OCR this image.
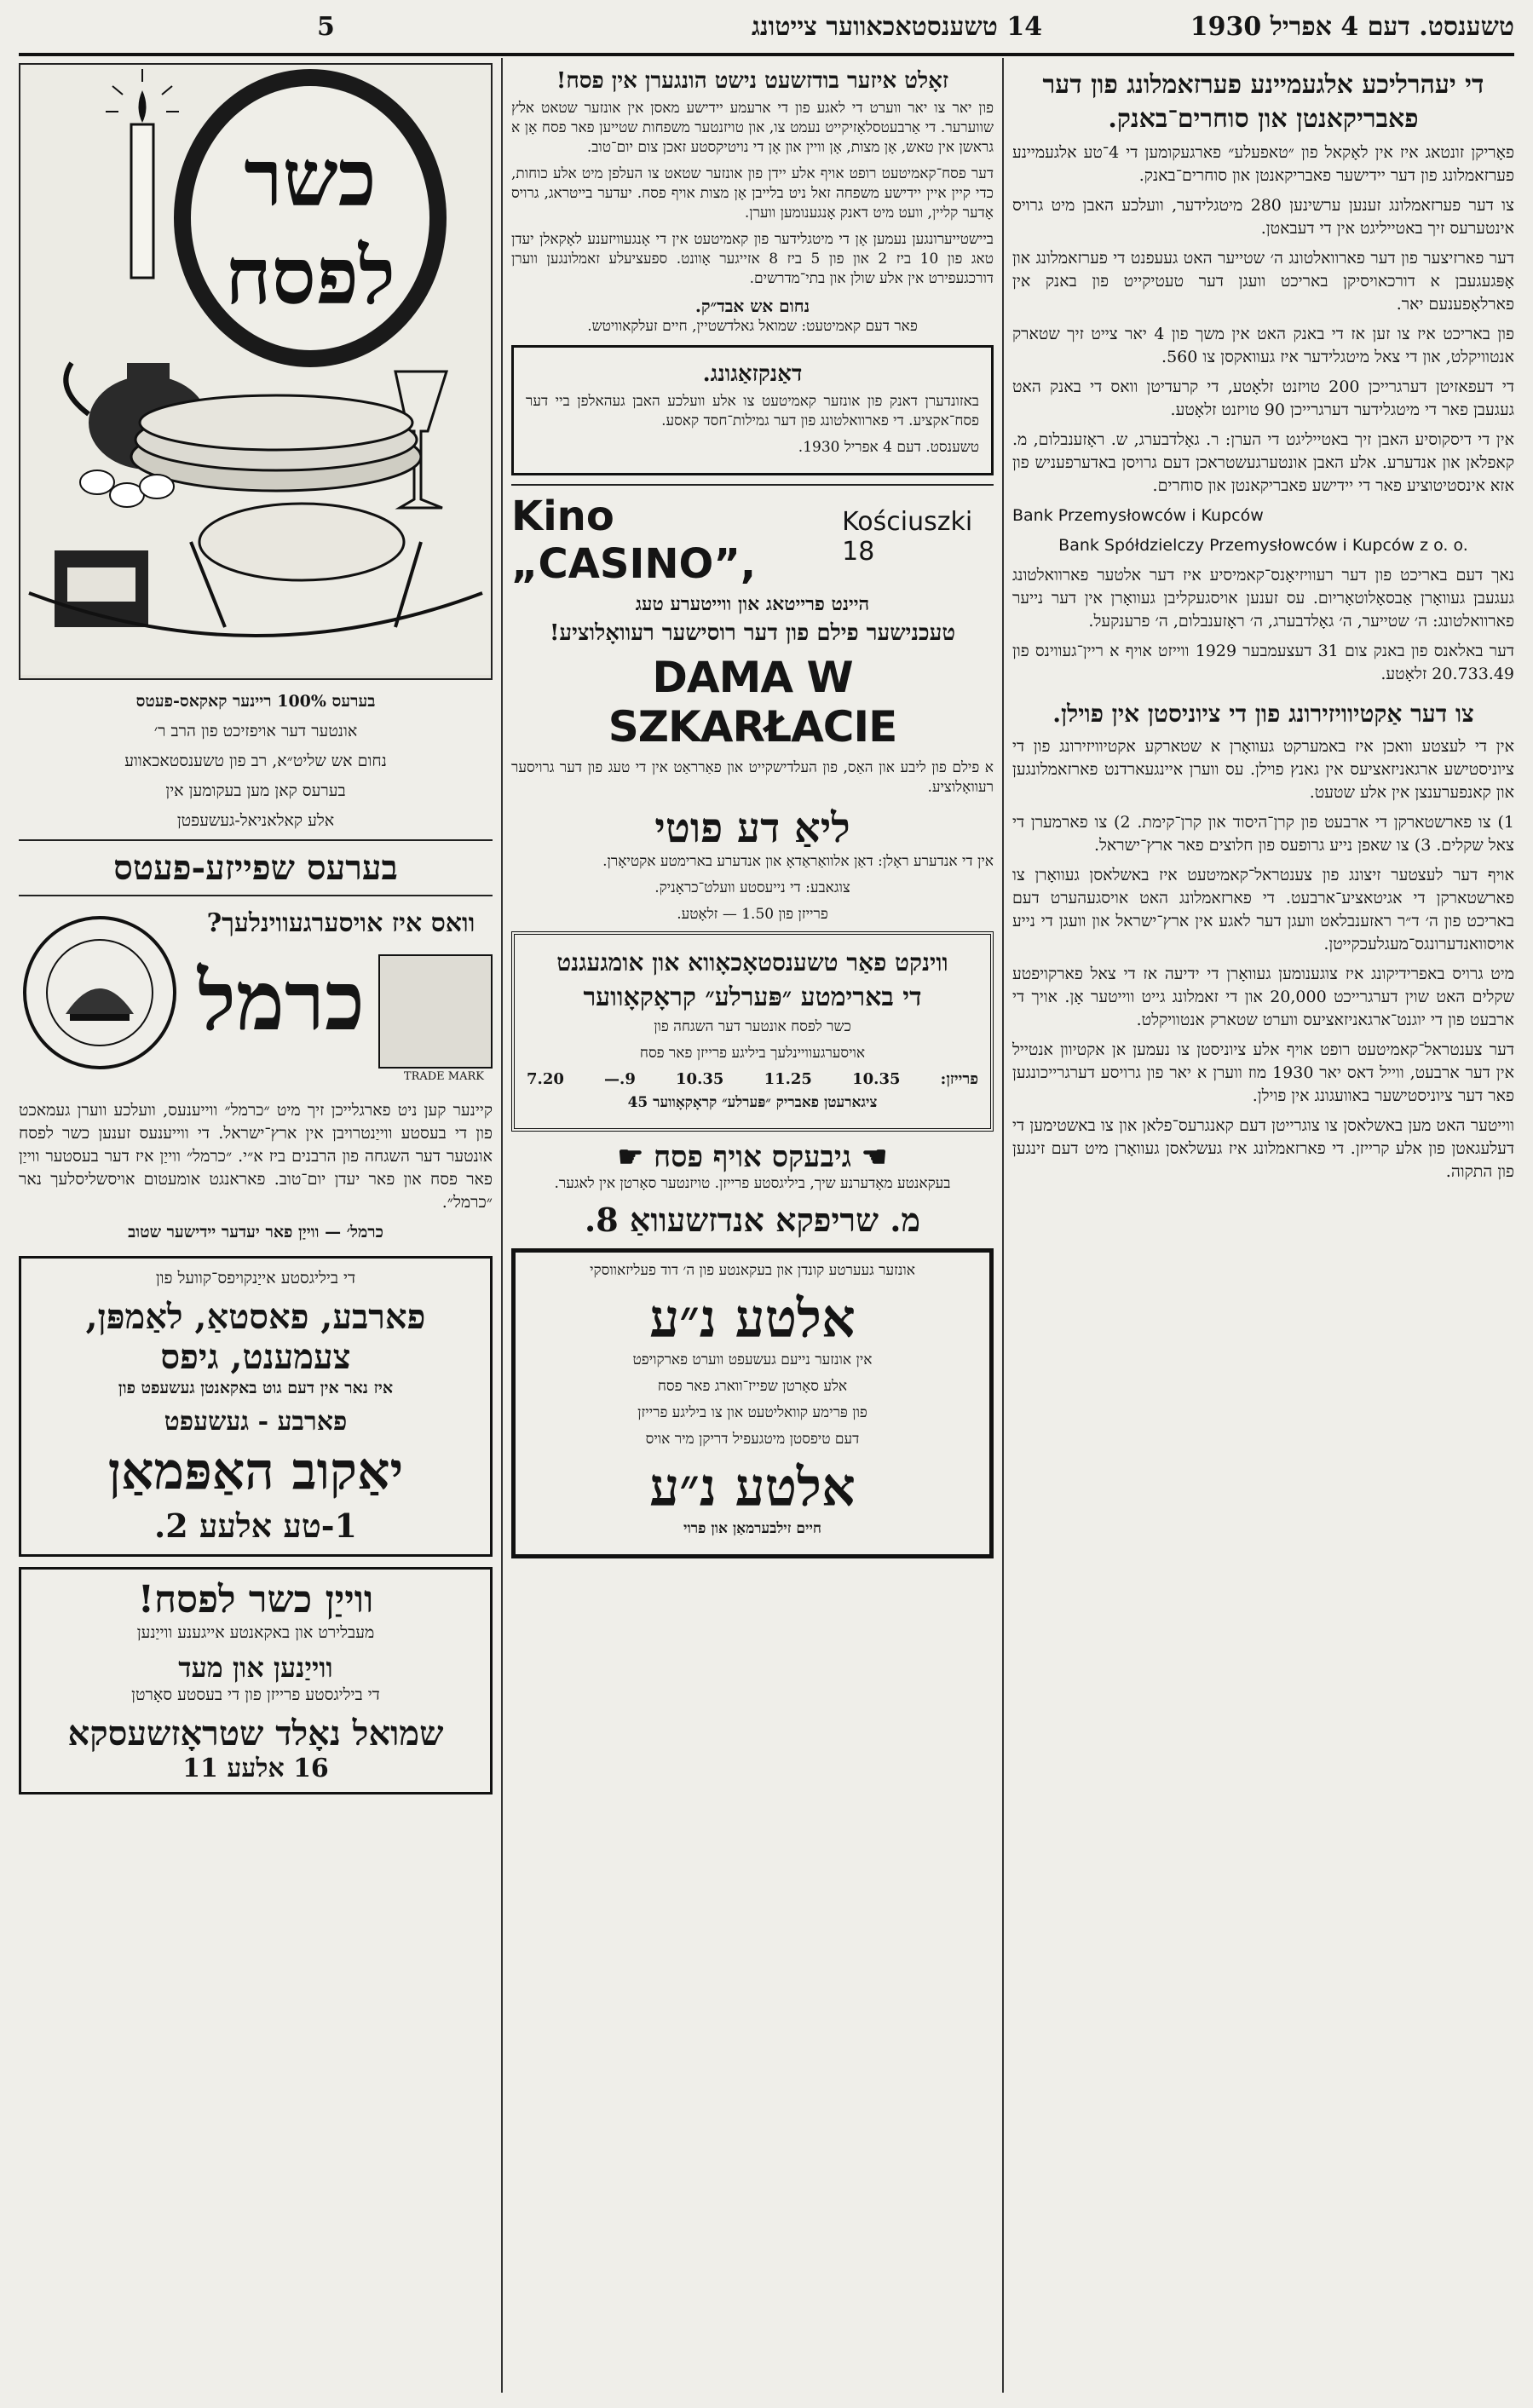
5	14 טשענסטאכאווער צייטונג	טשענסט. דעם 4 אפריל 1930
כשר
לפסח

בערעס 100% ריינער קאקאס-פעטס

אונטער דער אויפזיכט פון הרב ר׳

נחום אש שליט״א, רב פון טשענסטאכאווע

בערעס קאן מען בעקומען אין

אלע קאלאניאל-געשעפטן

בערעס שפייזע-פעטס
וואס איז אויסערגעווינלעך?
כרמל
TRADE MARK

קיינער קען ניט פארגלייכן זיך מיט ״כרמל״ ווייענעס, וועלכע ווערן געמאכט פון די בעסטע ווייַנטרויבן אין ארץ־ישראל. די ווייענעס זענען כשר לפסח אונטער דער השגחה פון הרבנים ביז א״י. ״כרמל״ ווייַן איז דער בעסטער ווייַן פאר פסח און פאר יעדן יום־טוב. פאראנגט אומעטום אויסשליסלעך נאר ״כרמל״.

כרמל׳ — ווייַן פאר יעדער יידישער שטוב

די ביליגסטע אייַנקויפס־קוועל פון
פארבע, פאסטאַ, לאַמפּן,
צעמענט, גיפס
איז נאר אין דעם גוט באקאנטן געשעפט פון
פארבע - געשעפט
יאַקוב האַפּמאַן
1-טע אלעע 2.
ווייַן כשר לפסח!
מעבלירט און באקאנטע אייגענע ווייַנען
ווייַנען און מעד
די ביליגסטע פרייזן פון די בעסטע סאָרטן
שמואל נאָלד שטראָזשעסקא
16 אלעע 11
זאָלט איזער בודזשעט נישט הונגערן אין פסח!

פון יאר צו יאר ווערט די לאגע פון די ארעמע יידישע מאסן אין אונזער שטאט אלץ שווערער. די אַרבעטסלאָזיקייט נעמט צו, און טויזנטער משפחות שטייען פאר פסח אָן א גראשן אין טאש, אָן מצות, אָן וויין און אָן די נויטיקסטע זאכן צום יום־טוב.

דער פסח־קאמיטעט רופט אויף אלע יידן פון אונזער שטאט צו העלפן מיט אלע כוחות, כדי קיין איין יידישע משפחה זאל ניט בלייבן אָן מצות אויף פסח. יעדער בייטראג, גרויס אָדער קליין, וועט מיט דאנק אָנגענומען ווערן.

ביישטייערונגען נעמען אָן די מיטגלידער פון קאמיטעט אין די אָנגעוויזענע לאָקאלן יעדן טאג פון 10 ביז 2 און פון 5 ביז 8 אזייגער אָוונט. ספעציעלע זאמלונגען ווערן דורכגעפירט אין אלע שולן און בתי־מדרשים.

נחום אש אבד״ק.
פאר דעם קאמיטעט: שמואל גאלדשטיין, חיים זעלקאוויטש.
דאַנקזאַגונג.

באזונדערן דאנק פון אונזער קאמיטעט צו אלע וועלכע האבן געהאלפן ביי דער פסח־אקציע. די פארוואלטונג פון דער גמילות־חסד קאסע.

טשענסט. דעם 4 אפריל 1930.
Kino „CASINO”,
Kościuszki 18
היינט פרייטאג און ווייטערע טעג
טעכנישער פילם פון דער רוסישער רעוואָלוציע!
DAMA W SZKARŁACIE

א פילם פון ליבע און האַס, פון העלדישקייט און פאַרראַט אין די טעג פון דער גרויסער רעוואָלוציע.

ליאַ דע פוטי

אין די אנדערע ראָלן: דאַן אלוואַראַדאָ און אנדערע בארימטע אקטיאָרן.

צוגאבע: די נייעסטע וועלט־כראָניק.

פרייזן פון 1.50 — זלאָטע.

ווינקט פאַר טשענסטאָכאָווא און אומגעגנט
די בארימטע ״פּערלע״ קראָקאָווער

כשר לפסח אונטער דער השגחה פון

אויסערגעוויינלעך ביליגע פרייזן פאר פסח

פרייזן:
10.35
11.25
10.35
9.—
7.20
ציגארעטן פאבריק ״פּערלע״ קראָקאָווער 45
☚ גיבעקס אויף פסח ☛

בעקאנטע מאָדערנע שיך, ביליגסטע פרייזן. טויזנטער סאָרטן אין לאגער.

מ. שריפקא אנדזשעוואַ 8.

אונזער געערטע קונדן און בעקאנטע פון ה׳ דוד פעליזאווסקי

אלטע נ״ע

אין אונזער נייעם געשעפט ווערט פארקויפט

אלע סאָרטן שפייז־ווארג פאר פסח

פון פּרימע קוואליטעט און צו ביליגע פרייזן

דעם טיפסטן מיטגעפיל דריקן מיר אויס

אלטע נ״ע
חיים זילבערמאַן און פרוי
די יעהרליכע אלגעמיינע פערזאמלונג פון דער פאבריקאנטן און סוחרים־באנק.

פאָריקן זונטאג איז אין לאָקאל פון ״טאפעלע״ פארגעקומען די 4־טע אלגעמיינע פערזאמלונג פון דער יידישער פאבריקאנטן און סוחרים־באנק.

צו דער פערזאמלונג זענען ערשינען 280 מיטגלידער, וועלכע האבן מיט גרויס אינטערעס זיך באטייליגט אין די דעבאטן.

דער פארזיצער פון דער פארוואלטונג ה׳ שטייער האט געעפנט די פערזאמלונג און אָפּגעגעבן א דורכאויסיקן באריכט וועגן דער טעטיקייט פון באנק אין פארלאָפענעם יאר.

פון באריכט איז צו זען אז די באנק האט אין משך פון 4 יאר צייט זיך שטארק אנטוויקלט, און די צאל מיטגלידער איז געוואקסן צו 560.

די דעפאזיטן דערגרייכן 200 טויזנט זלאָטע, די קרעדיטן וואס די באנק האט געגעבן פאר די מיטגלידער דערגרייכן 90 טויזנט זלאָטע.

אין די דיסקוסיע האבן זיך באטייליגט די הערן: ר. גאָלדבערג, ש. ראָזענבלום, מ. קאפלאן און אנדערע. אלע האבן אונטערגעשטראכן דעם גרויסן באדערפעניש פון אזא אינסטיטוציע פאר די יידישע פאבריקאנטן און סוחרים.

Bank Przemysłowców i Kupców

Bank Spółdzielczy Przemysłowców i Kupców z o. o.

נאך דעם באריכט פון דער רעוויזיאָנס־קאמיסיע איז דער אלטער פארוואלטונג געגעבן געוואָרן אַבסאָלוטאָריום. עס זענען אויסגעקליבן געוואָרן אין דער נייער פארוואלטונג: ה׳ שטייער, ה׳ גאָלדבערג, ה׳ ראָזענבלום, ה׳ פרענקעל.

דער באלאנס פון באנק צום 31 דעצעמבער 1929 ווייזט אויף א ריין־געווינס פון 20.733.49 זלאָטע.

צו דער אַקטיוויזירונג פון די ציוניסטן אין פוילן.

אין די לעצטע וואכן איז באמערקט געוואָרן א שטארקע אקטיוויזירונג פון די ציוניסטישע ארגאניזאציעס אין גאנץ פוילן. עס ווערן איינגעארדנט פארזאמלונגען און קאנפערענצן אין אלע שטעט.

1) צו פארשטארקן די ארבעט פון קרן־היסוד און קרן־קימת. 2) צו פארמערן די צאל שקלים. 3) צו שאפן נייע גרופעס פון חלוצים פאר ארץ־ישראל.

אויף דער לעצטער זיצונג פון צענטראל־קאמיטעט איז באשלאסן געוואָרן צו פארשטארקן די אגיטאציע־ארבעט. די פארזאמלונג האט אויסגעהערט דעם באריכט פון ה׳ ד״ר ראזענבלאט וועגן דער לאגע אין ארץ־ישראל און וועגן די נייע אויסוואנדערונגס־מעגלעכקייטן.

מיט גרויס באפרידיקונג איז צוגענומען געוואָרן די ידיעה אז די צאל פארקויפטע שקלים האט שוין דערגרייכט 20,000 און די זאמלונג גייט ווייטער אָן. אויך די ארבעט פון די יוגנט־ארגאניזאציעס ווערט שטארק אנטוויקלט.

דער צענטראל־קאמיטעט רופט אויף אלע ציוניסטן צו נעמען אן אקטיוון אנטייל אין דער ארבעט, ווייל דאס יאר 1930 מוז ווערן א יאר פון גרויסע דערגרייכונגען פאר דער ציוניסטישער באוועגונג אין פוילן.

ווייטער האט מען באשלאסן צו צוגרייטן דעם קאנגרעס־פלאן און צו באשטימען די דעלעגאטן פון אלע קרייזן. די פארזאמלונג איז געשלאסן געוואָרן מיט דעם זינגען פון התקוה.
